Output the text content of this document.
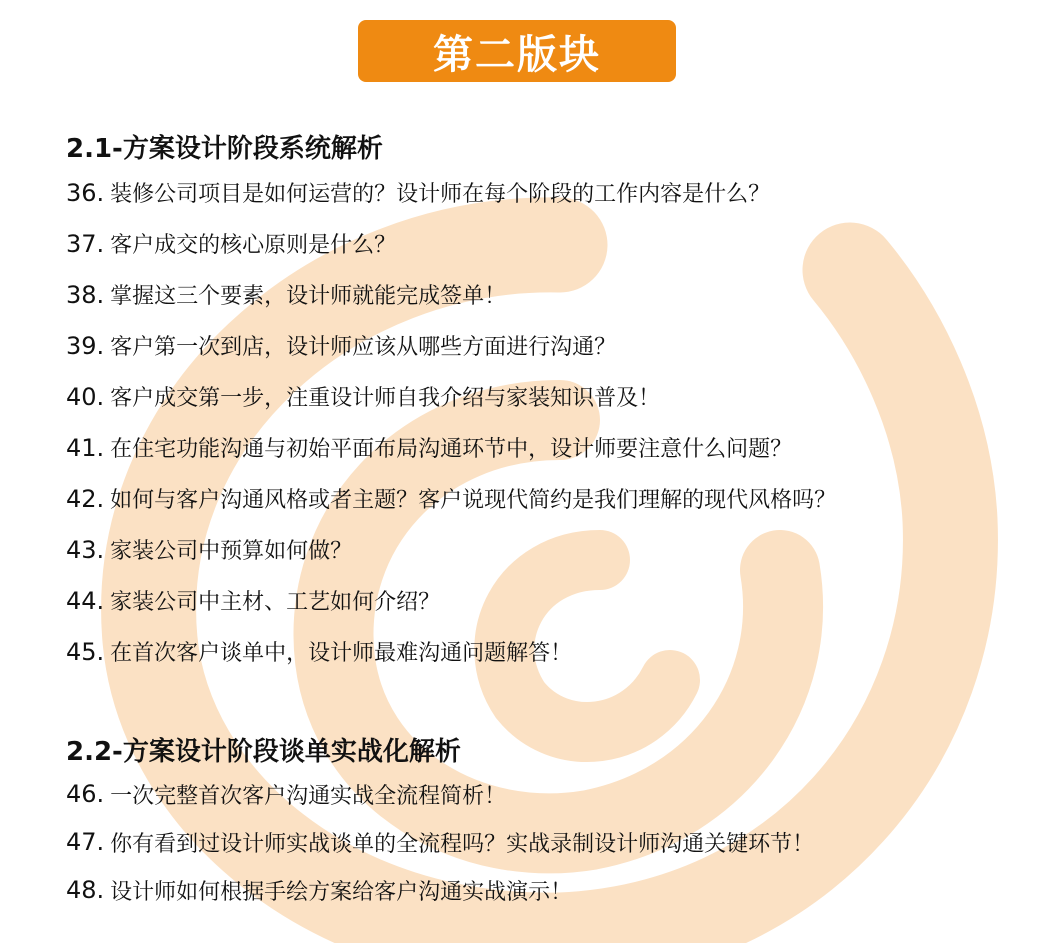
第二版块
2.1-方案设计阶段系统解析
36. 装修公司项目是如何运营的？设计师在每个阶段的工作内容是什么？
37. 客户成交的核心原则是什么？
38. 掌握这三个要素，设计师就能完成签单！
39. 客户第一次到店，设计师应该从哪些方面进行沟通？
40. 客户成交第一步，注重设计师自我介绍与家装知识普及！
41. 在住宅功能沟通与初始平面布局沟通环节中，设计师要注意什么问题？
42. 如何与客户沟通风格或者主题？客户说现代简约是我们理解的现代风格吗？
43. 家装公司中预算如何做？
44. 家装公司中主材、工艺如何介绍？
45. 在首次客户谈单中，设计师最难沟通问题解答！
2.2-方案设计阶段谈单实战化解析
46. 一次完整首次客户沟通实战全流程简析！
47. 你有看到过设计师实战谈单的全流程吗？实战录制设计师沟通关键环节！
48. 设计师如何根据手绘方案给客户沟通实战演示！
